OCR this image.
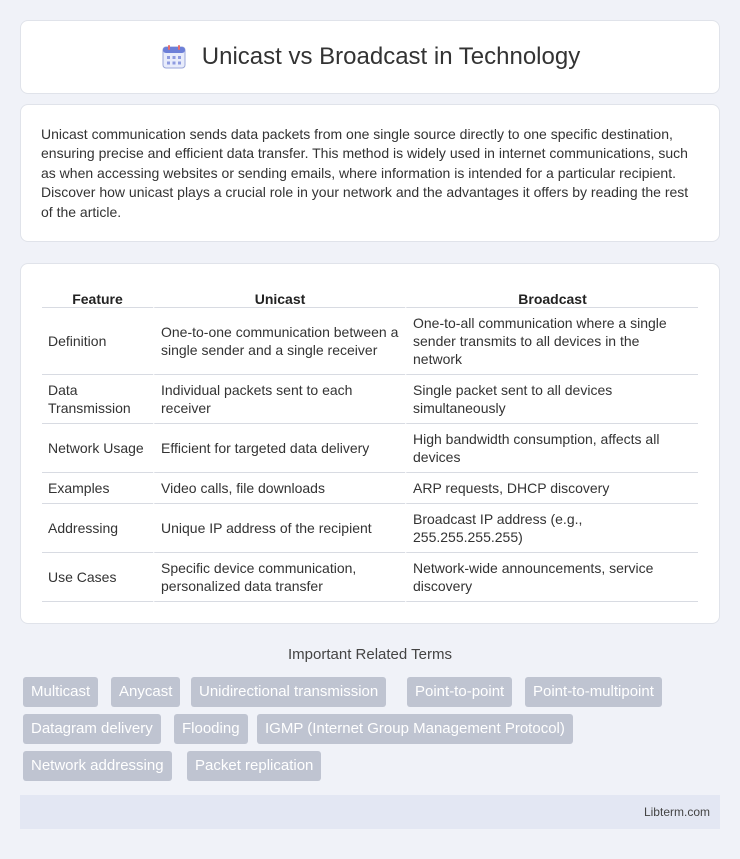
Unicast vs Broadcast in Technology

Unicast communication sends data packets from one single source directly to one specific destination, ensuring precise and efficient data transfer. This method is widely used in internet communications, such as when accessing websites or sending emails, where information is intended for a particular recipient. Discover how unicast plays a crucial role in your network and the advantages it offers by reading the rest of the article.

Feature	Unicast	Broadcast
Definition	One-to-one communication between a single sender and a single receiver	One-to-all communication where a single sender transmits to all devices in the network
Data Transmission	Individual packets sent to each receiver	Single packet sent to all devices simultaneously
Network Usage	Efficient for targeted data delivery	High bandwidth consumption, affects all devices
Examples	Video calls, file downloads	ARP requests, DHCP discovery
Addressing	Unique IP address of the recipient	Broadcast IP address (e.g., 255.255.255.255)
Use Cases	Specific device communication, personalized data transfer	Network-wide announcements, service discovery
Important Related Terms
Multicast	Anycast	Unidirectional transmission	Point-to-point	Point-to-multipoint
Datagram delivery	Flooding	IGMP (Internet Group Management Protocol)
Network addressing	Packet replication
Libterm.com
